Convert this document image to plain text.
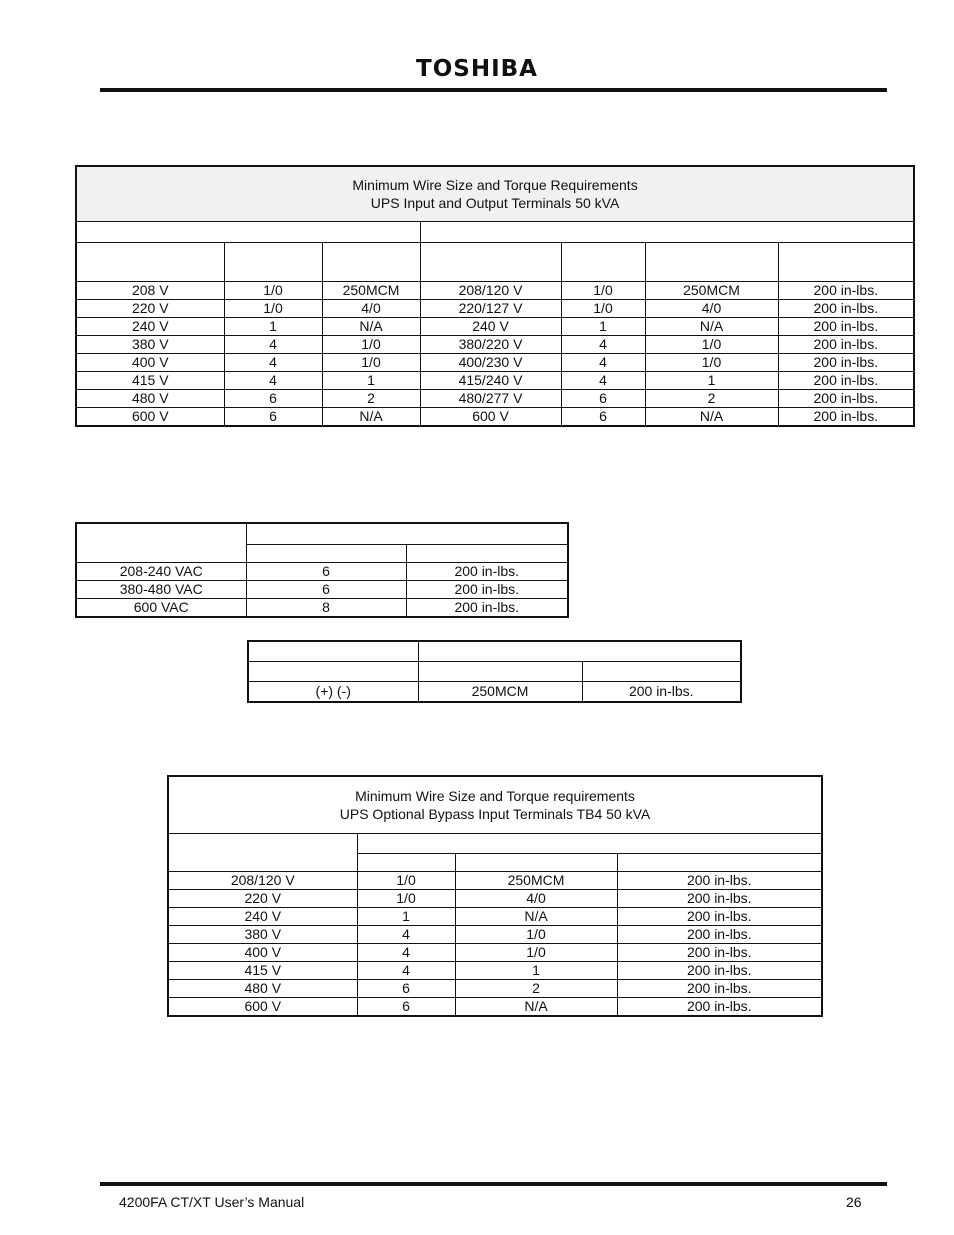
TOSHIBA
Minimum Wire Size and Torque Requirements
UPS Input and Output Terminals 50 kVA						

208 V	1/0	250MCM	208/120 V	1/0	250MCM	200 in-lbs.
220 V	1/0	4/0	220/127 V	1/0	4/0	200 in-lbs.
240 V	1	N/A	240 V	1	N/A	200 in-lbs.
380 V	4	1/0	380/220 V	4	1/0	200 in-lbs.
400 V	4	1/0	400/230 V	4	1/0	200 in-lbs.
415 V	4	1	415/240 V	4	1	200 in-lbs.
480 V	6	2	480/277 V	6	2	200 in-lbs.
600 V	6	N/A	600 V	6	N/A	200 in-lbs.

208-240 VAC	6	200 in-lbs.
380-480 VAC	6	200 in-lbs.
600 VAC	8	200 in-lbs.

(+) (-)	250MCM	200 in-lbs.
Minimum Wire Size and Torque requirements
UPS Optional Bypass Input Terminals TB4 50 kVA			

208/120 V	1/0	250MCM	200 in-lbs.
220 V	1/0	4/0	200 in-lbs.
240 V	1	N/A	200 in-lbs.
380 V	4	1/0	200 in-lbs.
400 V	4	1/0	200 in-lbs.
415 V	4	1	200 in-lbs.
480 V	6	2	200 in-lbs.
600 V	6	N/A	200 in-lbs.
4200FA CT/XT User’s Manual	26
